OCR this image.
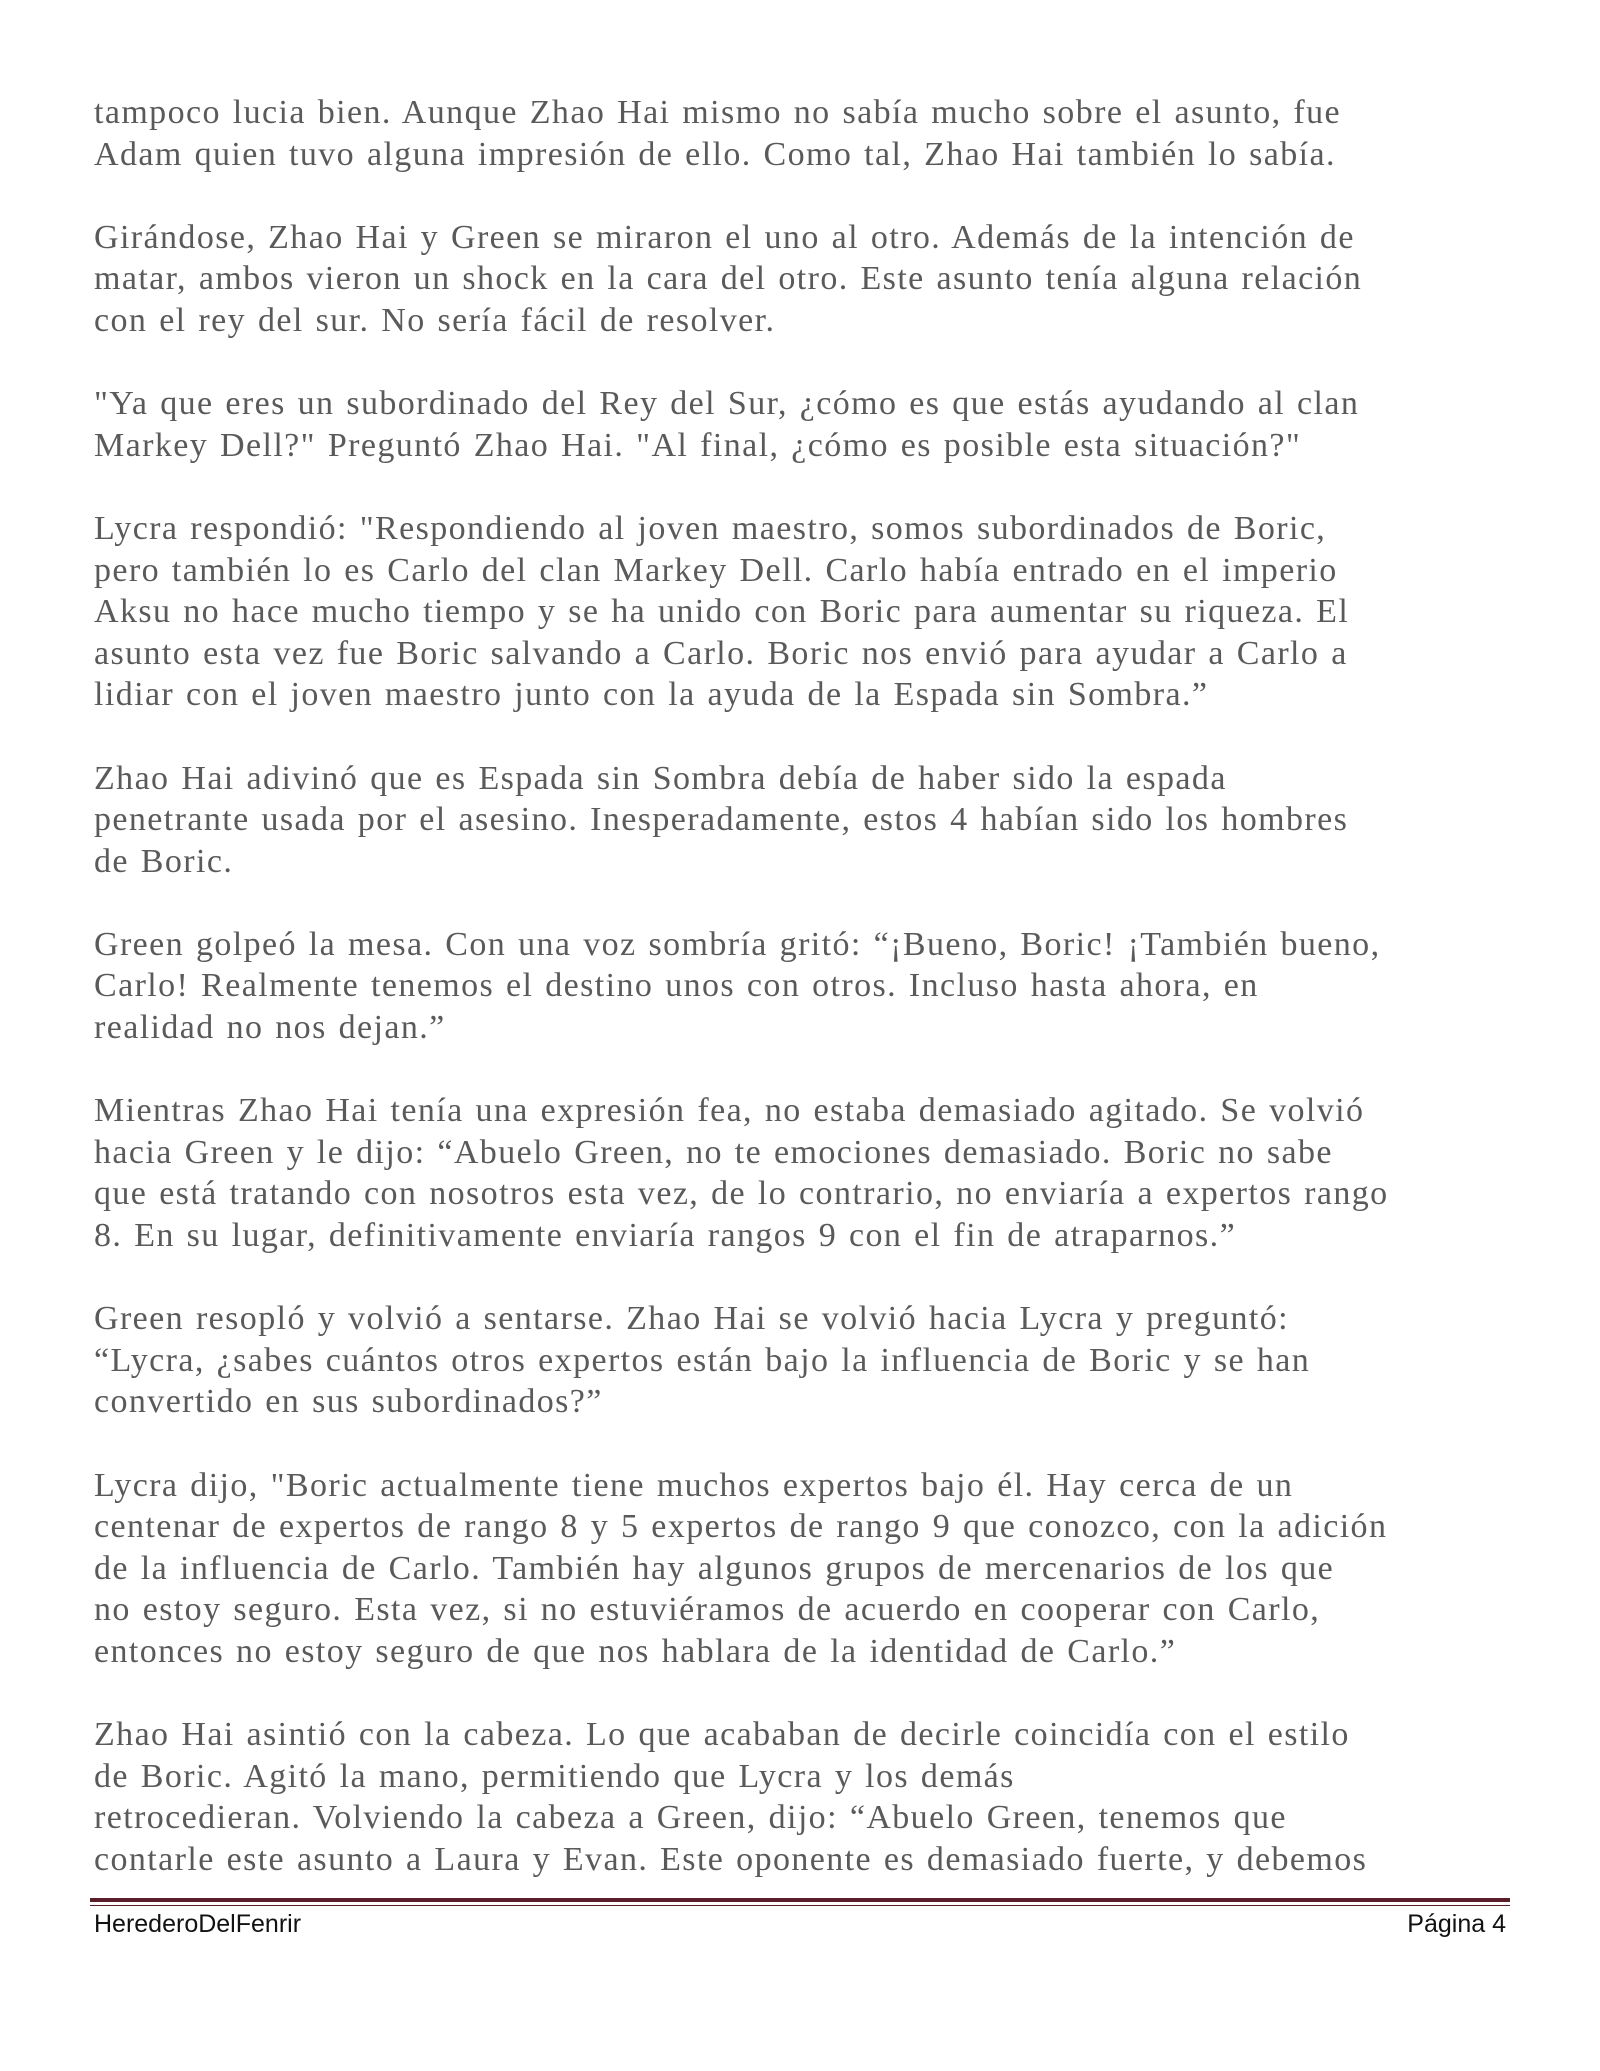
tampoco lucia bien. Aunque Zhao Hai mismo no sabía mucho sobre el asunto, fue
Adam quien tuvo alguna impresión de ello. Como tal, Zhao Hai también lo sabía.
Girándose, Zhao Hai y Green se miraron el uno al otro. Además de la intención de
matar, ambos vieron un shock en la cara del otro. Este asunto tenía alguna relación
con el rey del sur. No sería fácil de resolver.
"Ya que eres un subordinado del Rey del Sur, ¿cómo es que estás ayudando al clan
Markey Dell?" Preguntó Zhao Hai. "Al final, ¿cómo es posible esta situación?"
Lycra respondió: "Respondiendo al joven maestro, somos subordinados de Boric,
pero también lo es Carlo del clan Markey Dell. Carlo había entrado en el imperio
Aksu no hace mucho tiempo y se ha unido con Boric para aumentar su riqueza. El
asunto esta vez fue Boric salvando a Carlo. Boric nos envió para ayudar a Carlo a
lidiar con el joven maestro junto con la ayuda de la Espada sin Sombra.”
Zhao Hai adivinó que es Espada sin Sombra debía de haber sido la espada
penetrante usada por el asesino. Inesperadamente, estos 4 habían sido los hombres
de Boric.
Green golpeó la mesa. Con una voz sombría gritó: “¡Bueno, Boric! ¡También bueno,
Carlo! Realmente tenemos el destino unos con otros. Incluso hasta ahora, en
realidad no nos dejan.”
Mientras Zhao Hai tenía una expresión fea, no estaba demasiado agitado. Se volvió
hacia Green y le dijo: “Abuelo Green, no te emociones demasiado. Boric no sabe
que está tratando con nosotros esta vez, de lo contrario, no enviaría a expertos rango
8. En su lugar, definitivamente enviaría rangos 9 con el fin de atraparnos.”
Green resopló y volvió a sentarse. Zhao Hai se volvió hacia Lycra y preguntó:
“Lycra, ¿sabes cuántos otros expertos están bajo la influencia de Boric y se han
convertido en sus subordinados?”
Lycra dijo, "Boric actualmente tiene muchos expertos bajo él. Hay cerca de un
centenar de expertos de rango 8 y 5 expertos de rango 9 que conozco, con la adición
de la influencia de Carlo. También hay algunos grupos de mercenarios de los que
no estoy seguro. Esta vez, si no estuviéramos de acuerdo en cooperar con Carlo,
entonces no estoy seguro de que nos hablara de la identidad de Carlo.”
Zhao Hai asintió con la cabeza. Lo que acababan de decirle coincidía con el estilo
de Boric. Agitó la mano, permitiendo que Lycra y los demás
retrocedieran. Volviendo la cabeza a Green, dijo: “Abuelo Green, tenemos que
contarle este asunto a Laura y Evan. Este oponente es demasiado fuerte, y debemos
HerederoDelFenrir	Página 4
